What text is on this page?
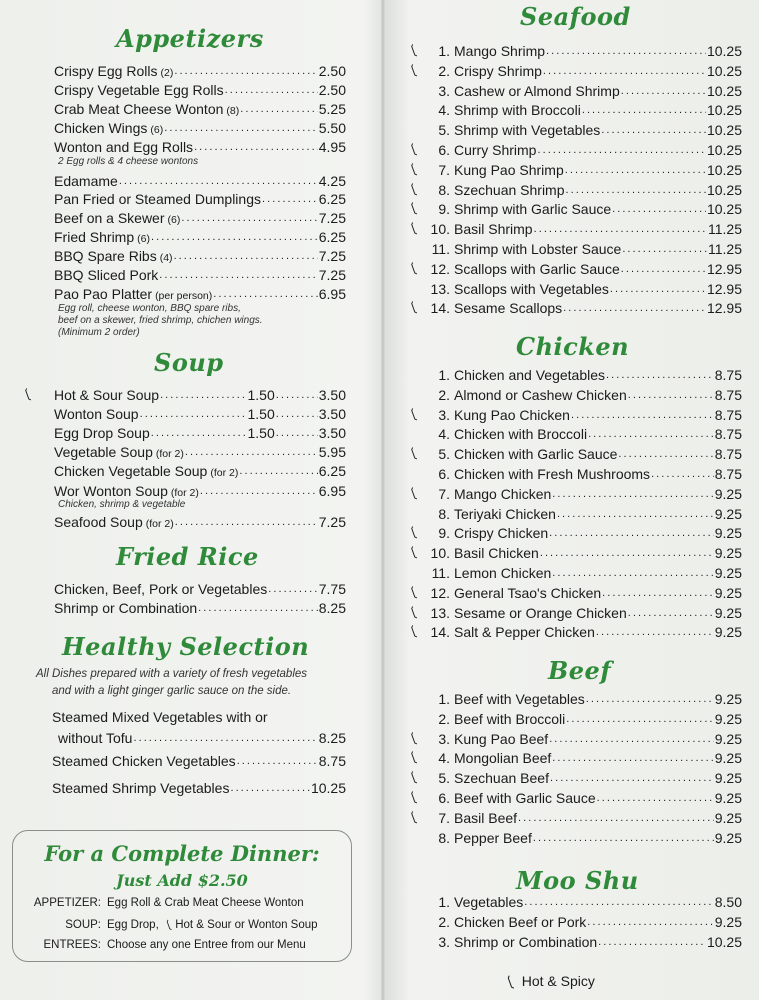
Appetizers
Crispy Egg Rolls (2) . . .	2.50
Crispy Vegetable Egg Rolls . . .	2.50
Crab Meat Cheese Wonton (8) . . .	5.25
Chicken Wings (6) . . .	5.50
Wonton and Egg Rolls . . .	4.95
Edamame . . .	4.25
Pan Fried or Steamed Dumplings . . .	6.25
Beef on a Skewer (6) . . .	7.25
Fried Shrimp (6) . . .	6.25
BBQ Spare Ribs (4) . . .	7.25
BBQ Sliced Pork . . .	7.25
Pao Pao Platter (per person) . . .	6.95
2 Egg rolls & 4 cheese wontons
Egg roll, cheese wonton, BBQ spare ribs,
beef on a skewer, fried shrimp, chichen wings.
(Minimum 2 order)
Soup
Hot & Sour Soup . . .	1.50 . . .	3.50
❲
Wonton Soup . . .	1.50 . . .	3.50
Egg Drop Soup . . .	1.50 . . .	3.50
Vegetable Soup (for 2) . . .	5.95
Chicken Vegetable Soup (for 2) . . .	6.25
Wor Wonton Soup (for 2) . . .	6.95
Seafood Soup (for 2) . . .	7.25
Chicken, shrimp & vegetable
Fried Rice
Chicken, Beef, Pork or Vegetables . . .	7.75
Shrimp or Combination . . .	8.25
Healthy Selection
All Dishes prepared with a variety of fresh vegetables
and with a light ginger garlic sauce on the side.
Steamed Mixed Vegetables with or
without Tofu . . .	8.25
Steamed Chicken Vegetables . . .	8.75
Steamed Shrimp Vegetables . . .	10.25
For a Complete Dinner:
Just Add $2.50
APPETIZER: Egg Roll & Crab Meat Cheese Wonton
SOUP: Egg Drop, ❲Hot & Sour or Wonton Soup
ENTREES: Choose any one Entree from our Menu
Seafood
1. Mango Shrimp . . .	10.25
❲
2. Crispy Shrimp . . .	10.25
❲
3. Cashew or Almond Shrimp . . .	10.25
4. Shrimp with Broccoli . . .	10.25
5. Shrimp with Vegetables . . .	10.25
6. Curry Shrimp . . .	10.25
❲
7. Kung Pao Shrimp . . .	10.25
❲
8. Szechuan Shrimp . . .	10.25
❲
9. Shrimp with Garlic Sauce . . .	10.25
❲
10. Basil Shrimp . . .	11.25
❲
11. Shrimp with Lobster Sauce . . .	11.25
12. Scallops with Garlic Sauce . . .	12.95
❲
13. Scallops with Vegetables . . .	12.95
14. Sesame Scallops . . .	12.95
❲
Chicken
1. Chicken and Vegetables . . .	8.75
2. Almond or Cashew Chicken . . .	8.75
3. Kung Pao Chicken . . .	8.75
❲
4. Chicken with Broccoli . . .	8.75
5. Chicken with Garlic Sauce . . .	8.75
❲
6. Chicken with Fresh Mushrooms . . .	8.75
7. Mango Chicken . . .	9.25
❲
8. Teriyaki Chicken . . .	9.25
9. Crispy Chicken . . .	9.25
❲
10. Basil Chicken . . .	9.25
❲
11. Lemon Chicken . . .	9.25
12. General Tsao's Chicken . . .	9.25
❲
13. Sesame or Orange Chicken . . .	9.25
❲
14. Salt & Pepper Chicken . . .	9.25
❲
Beef
1. Beef with Vegetables . . .	9.25
2. Beef with Broccoli . . .	9.25
3. Kung Pao Beef . . .	9.25
❲
4. Mongolian Beef . . .	9.25
❲
5. Szechuan Beef . . .	9.25
❲
6. Beef with Garlic Sauce . . .	9.25
❲
7. Basil Beef . . .	9.25
❲
8. Pepper Beef . . .	9.25
Moo Shu
1. Vegetables . . .	8.50
2. Chicken Beef or Pork . . .	9.25
3. Shrimp or Combination . . .	10.25
❲ Hot & Spicy
